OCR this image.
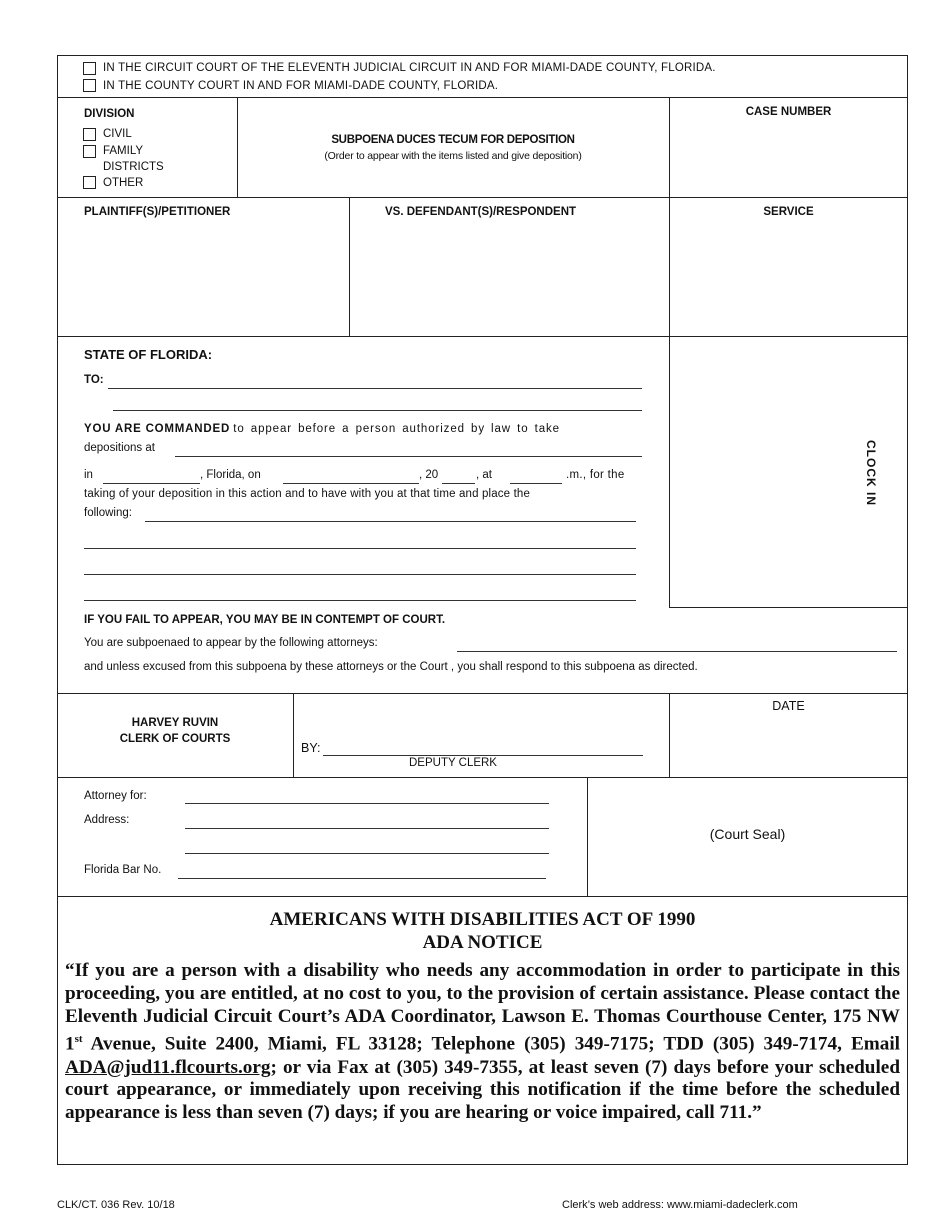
IN THE CIRCUIT COURT OF THE ELEVENTH JUDICIAL CIRCUIT IN AND FOR MIAMI-DADE COUNTY, FLORIDA.
IN THE COUNTY COURT IN AND FOR MIAMI-DADE COUNTY, FLORIDA.
DIVISION
CIVIL
FAMILY
DISTRICTS
OTHER
SUBPOENA DUCES TECUM FOR DEPOSITION
(Order to appear with the items listed and give deposition)
CASE NUMBER
PLAINTIFF(S)/PETITIONER	VS. DEFENDANT(S)/RESPONDENT	SERVICE
STATE OF FLORIDA:
TO:
YOU ARE COMMANDED to appear before a person authorized by law to take
depositions at
in	, Florida, on	, 20	, at	.m., for the
taking of your deposition in this action and to have with you at that time and place the
following:
CLOCK IN
IF YOU FAIL TO APPEAR, YOU MAY BE IN CONTEMPT OF COURT.
You are subpoenaed to appear by the following attorneys:
and unless excused from this subpoena by these attorneys or the Court , you shall respond to this subpoena as directed.
HARVEY RUVIN
CLERK OF COURTS
BY:
DEPUTY CLERK
DATE
Attorney for:
Address:
Florida Bar No.
(Court Seal)
AMERICANS WITH DISABILITIES ACT OF 1990
ADA NOTICE
“If you are a person with a disability who needs any accommodation in order to participate in this proceeding, you are entitled, at no cost to you, to the provision of certain assistance. Please contact the Eleventh Judicial Circuit Court’s ADA Coordinator, Lawson E. Thomas Courthouse Center, 175 NW 1st Avenue, Suite 2400, Miami, FL 33128; Telephone (305) 349-7175; TDD (305) 349-7174, Email ADA@jud11.flcourts.org; or via Fax at (305) 349-7355, at least seven (7) days before your scheduled court appearance, or immediately upon receiving this notification if the time before the scheduled appearance is less than seven (7) days; if you are hearing or voice impaired, call 711.”
CLK/CT. 036 Rev. 10/18	Clerk’s web address: www.miami-dadeclerk.com
